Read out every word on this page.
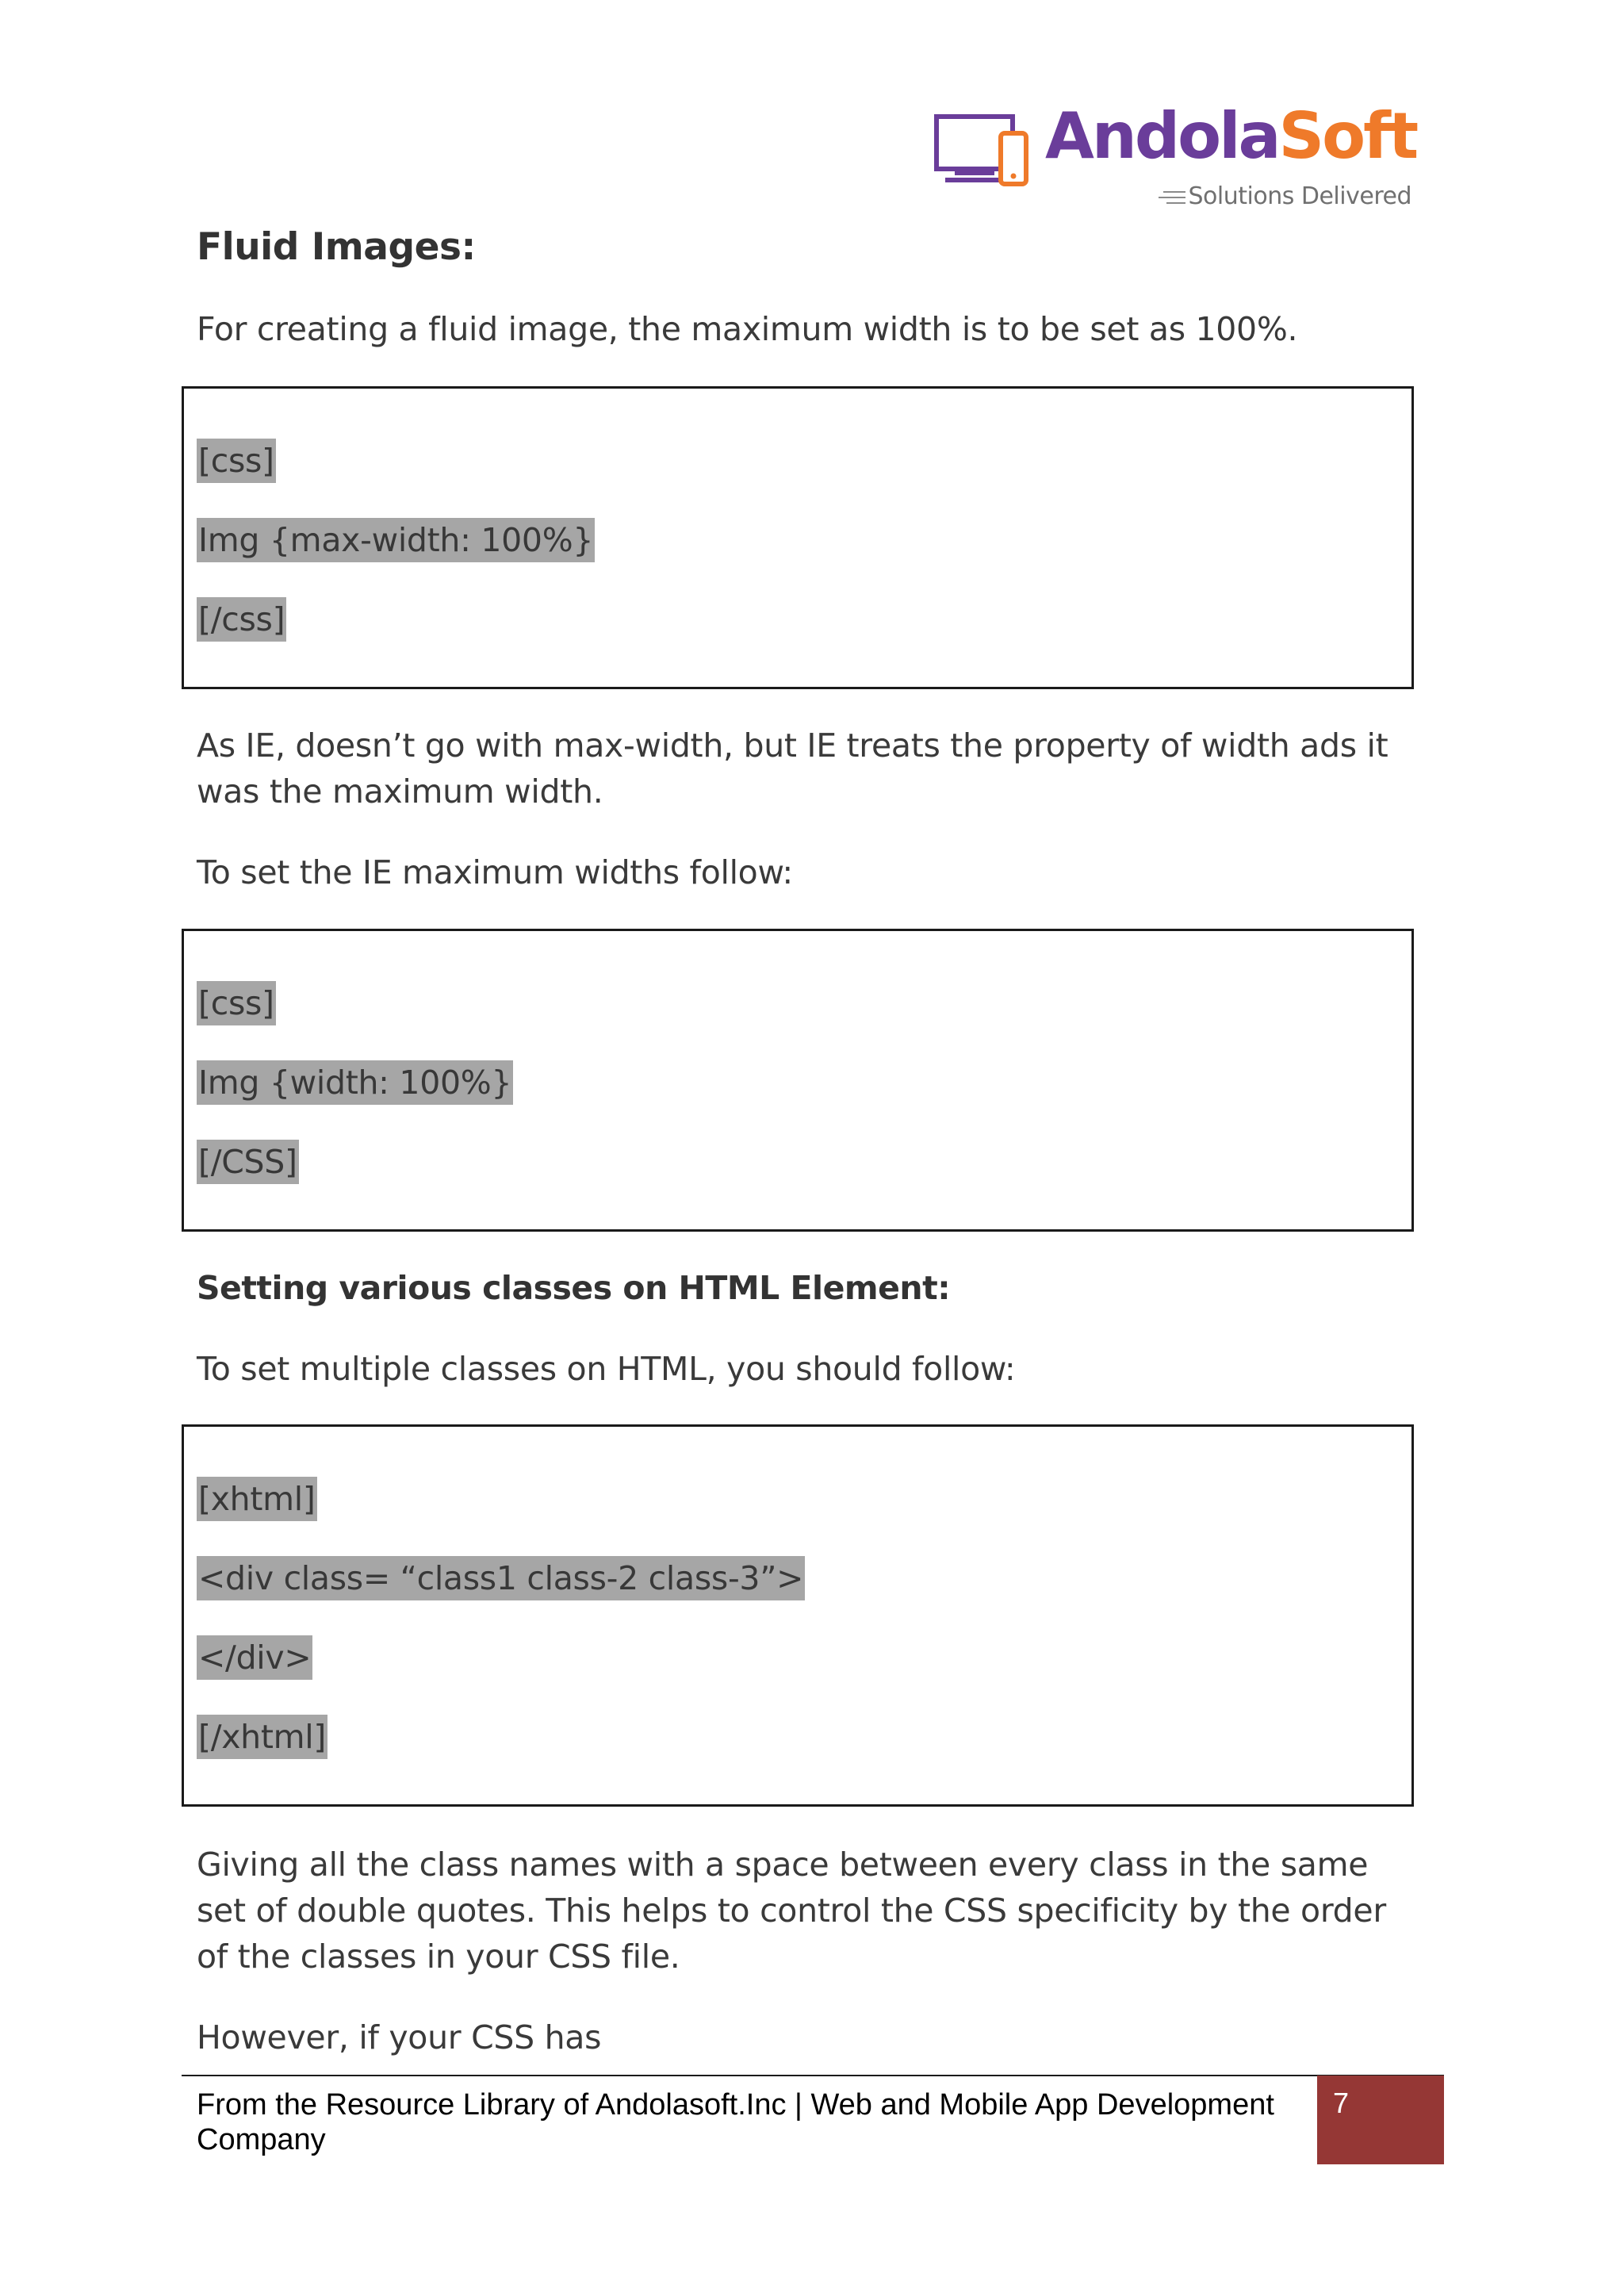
AndolaSoft
Solutions Delivered
Fluid Images:

For creating a fluid image, the maximum width is to be set as 100%.

[css]
Img {max-width: 100%}
[/css]

As IE, doesn’t go with max-width, but IE treats the property of width ads it was the maximum width.

To set the IE maximum widths follow:

[css]
Img {width: 100%}
[/CSS]
Setting various classes on HTML Element:

To set multiple classes on HTML, you should follow:

[xhtml]
<div class= “class1 class-2 class-3”>
</div>
[/xhtml]

Giving all the class names with a space between every class in the same set of double quotes. This helps to control the CSS specificity by the order of the classes in your CSS file.

However, if your CSS has

From the Resource Library of Andolasoft.Inc | Web and Mobile App Development Company

7
